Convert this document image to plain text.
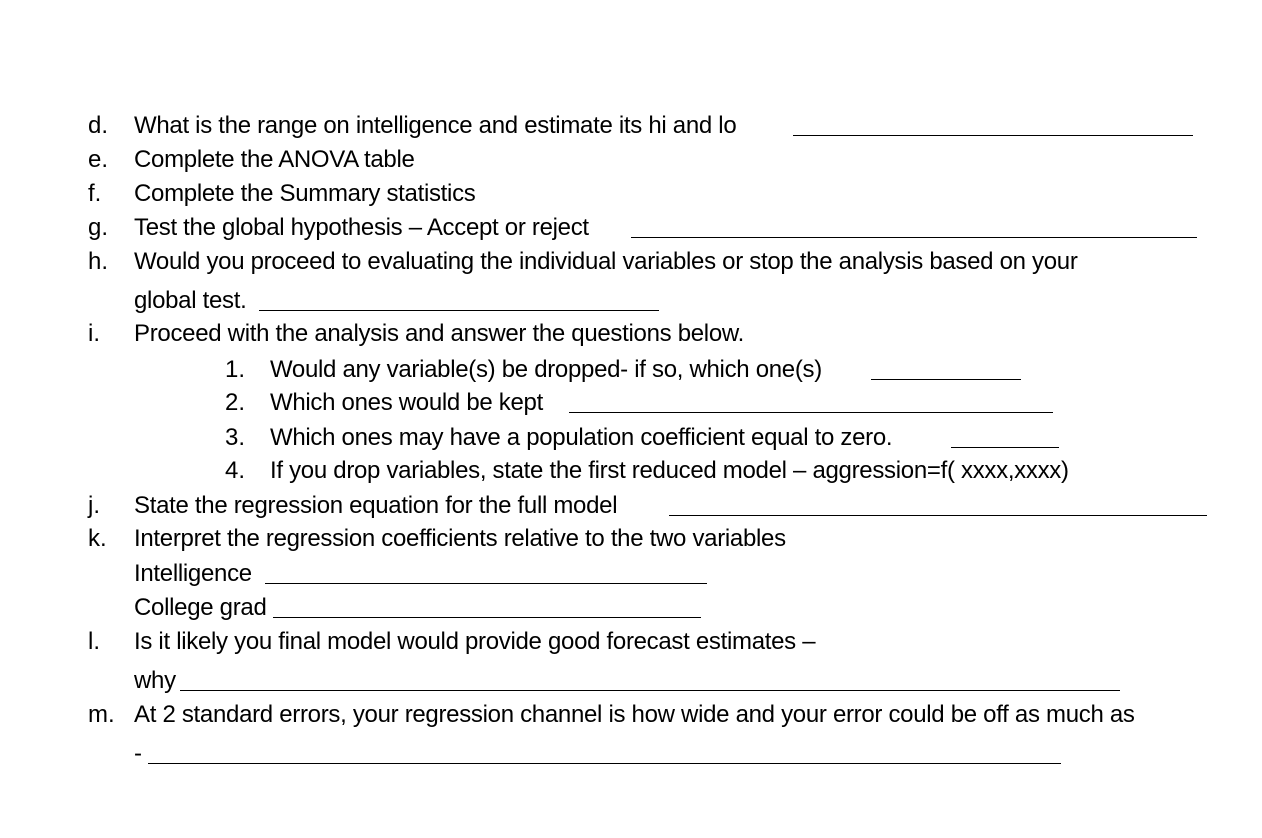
d. What is the range on intelligence and estimate its hi and lo
e. Complete the ANOVA table
f. Complete the Summary statistics
g. Test the global hypothesis – Accept or reject
h. Would you proceed to evaluating the individual variables or stop the analysis based on your
global test.
i. Proceed with the analysis and answer the questions below.
1. Would any variable(s) be dropped- if so, which one(s)
2. Which ones would be kept
3. Which ones may have a population coefficient equal to zero.
4. If you drop variables, state the first reduced model – aggression=f( xxxx,xxxx)
j. State the regression equation for the full model
k. Interpret the regression coefficients relative to the two variables
Intelligence
College grad
l. Is it likely you final model would provide good forecast estimates –
why
m. At 2 standard errors, your regression channel is how wide and your error could be off as much as
-
